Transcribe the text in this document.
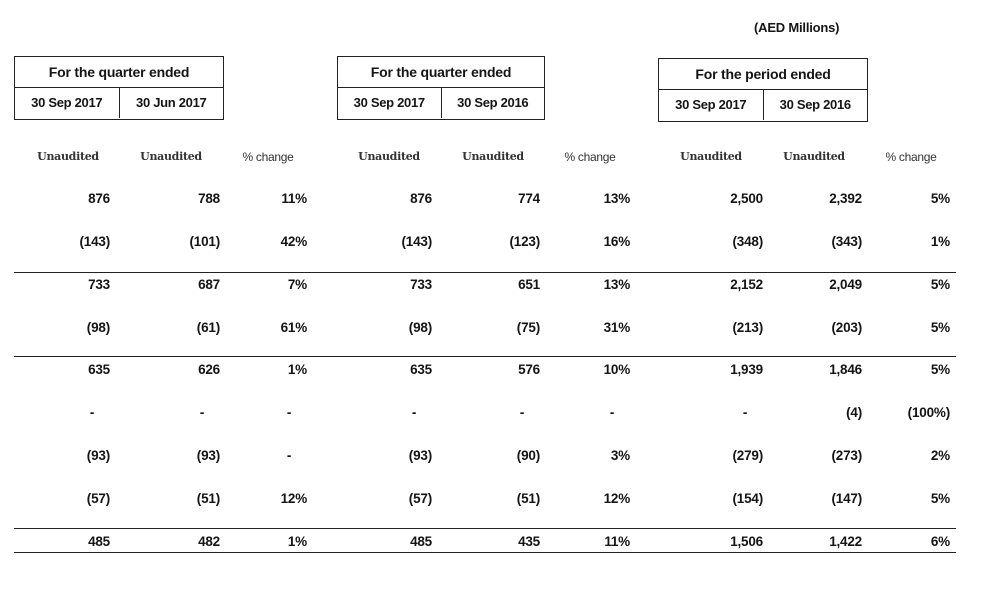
(AED Millions)
For the quarter ended
30 Sep 2017	30 Jun 2017
For the quarter ended
30 Sep 2017	30 Sep 2016
For the period ended
30 Sep 2017	30 Sep 2016
Unaudited	Unaudited	% change	Unaudited	Unaudited	% change	Unaudited	Unaudited	% change
876	788	11%	876	774	13%	2,500	2,392	5%
(143)	(101)	42%	(143)	(123)	16%	(348)	(343)	1%
733	687	7%	733	651	13%	2,152	2,049	5%
(98)	(61)	61%	(98)	(75)	31%	(213)	(203)	5%
635	626	1%	635	576	10%	1,939	1,846	5%
-	-	-	-	-	-	-	(4)	(100%)
(93)	(93)	-	(93)	(90)	3%	(279)	(273)	2%
(57)	(51)	12%	(57)	(51)	12%	(154)	(147)	5%
485	482	1%	485	435	11%	1,506	1,422	6%
